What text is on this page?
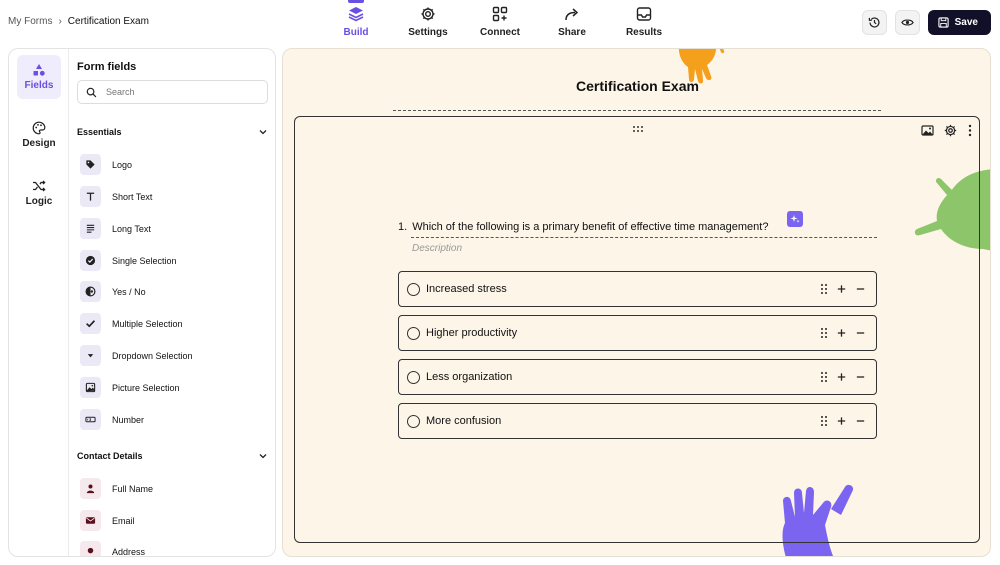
My Forms › Certification Exam
Build	Settings	Connect	Share	Results
Save
Fields
Design
Logic
Form fields
Search
Essentials
Logo
Short Text
Long Text
Single Selection
Yes / No
Multiple Selection
Dropdown Selection
Picture Selection
Number
Contact Details
Full Name
Email
Address
Certification Exam
1. Which of the following is a primary benefit of effective time management?
Description
Increased stress
Higher productivity
Less organization
More confusion
